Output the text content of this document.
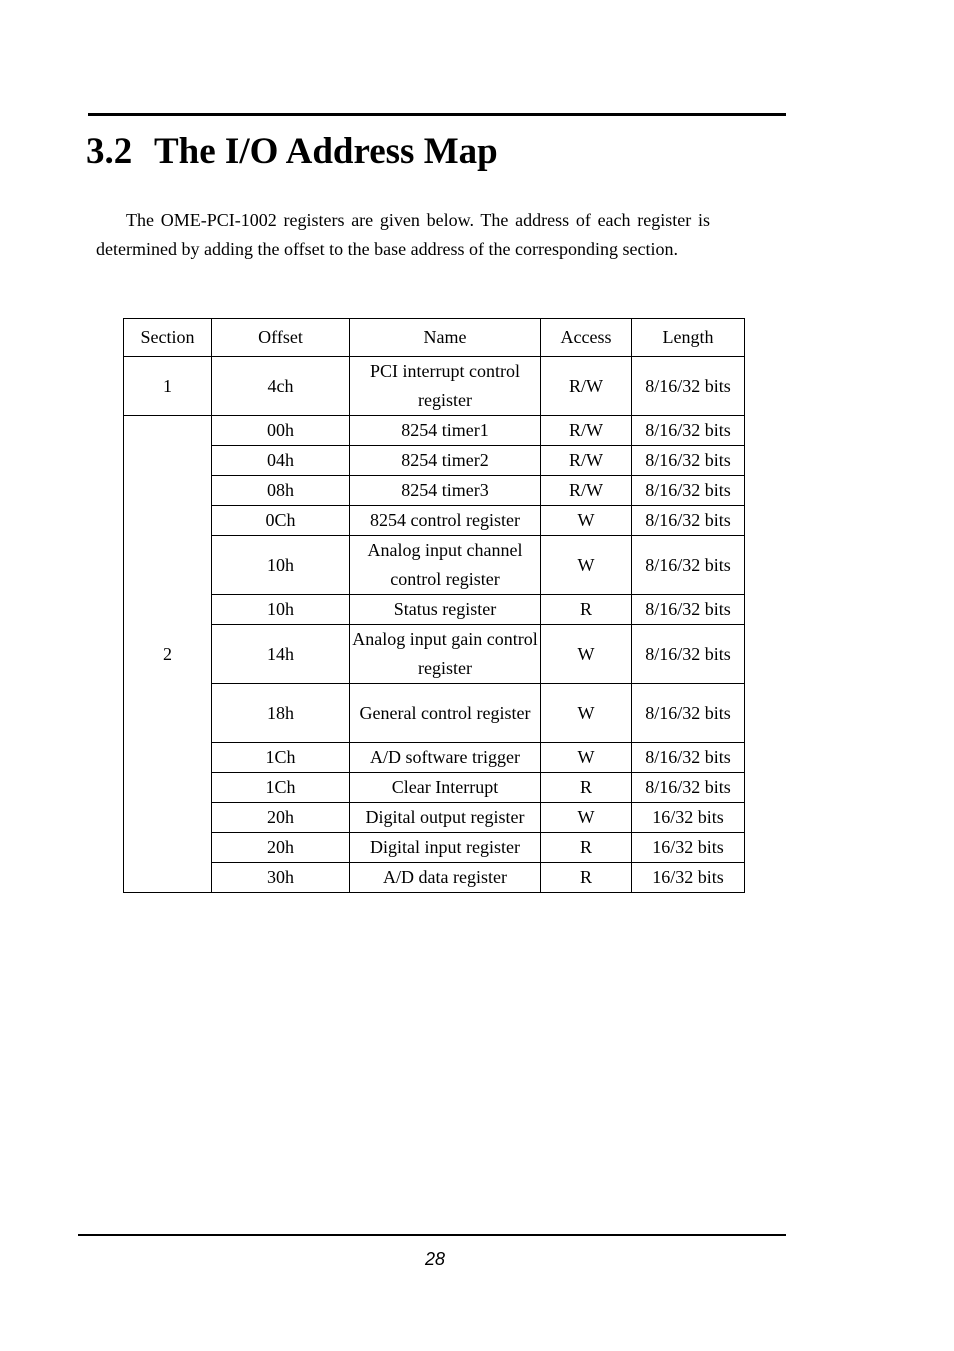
3.2 The I/O Address Map

The OME-PCI-1002 registers are given below. The address of each register is determined by adding the offset to the base address of the corresponding section.

Section	Offset	Name	Access	Length
1	4ch	PCI interrupt control register	R/W	8/16/32 bits
2	00h	8254 timer1	R/W	8/16/32 bits
	04h	8254 timer2	R/W	8/16/32 bits
	08h	8254 timer3	R/W	8/16/32 bits
	0Ch	8254 control register	W	8/16/32 bits
	10h	Analog input channel control register	W	8/16/32 bits
	10h	Status register	R	8/16/32 bits
	14h	Analog input gain control register	W	8/16/32 bits
	18h	General control register	W	8/16/32 bits
	1Ch	A/D software trigger	W	8/16/32 bits
	1Ch	Clear Interrupt	R	8/16/32 bits
	20h	Digital output register	W	16/32 bits
	20h	Digital input register	R	16/32 bits
	30h	A/D data register	R	16/32 bits
28
